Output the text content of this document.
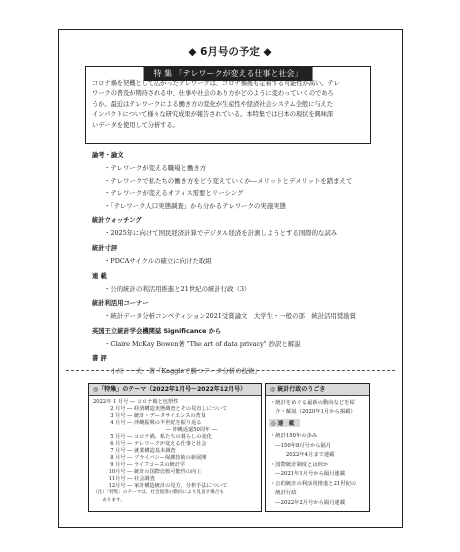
◆ 6月号の予定 ◆
特 集 「テレワークが変える仕事と社会」
コロナ禍を契機として広がったテレワークは、コロナ禍後も定着する可能性が高い。テレ
ワークの普及が期待される中、仕事や社会のあり方がどのように変わっていくのであろ
うか。最近はテレワークによる働き方の変化が生産性や経済社会システム全般に与えた
インパクトについて様々な研究成果が報告されている。本特集では日本の現状を興味深
いデータを使用して分析する。
論考・論文
・テレワークが変える職場と働き方
・テレワークで私たちの働き方をどう変えていくか―メリットとデメリットを踏まえて
・テレワークが変えるオフィス需要とリーシング
・「テレワーク人口実態調査」から分かるテレワークの実施実態
統計ウォッチング
・2025年に向けて国民経済計算でデジタル経済を計測しようとする国際的な試み
統計寸評
・PDCAサイクルの確立に向けた取組
連 載
・公的統計の利活用推進と21世紀の統計行政（3）
統計利活用コーナー
・統計データ分析コンペティション2021受賞論文　大学生・一般の部　統計活用奨励賞
英国王立統計学会機関誌 Significance から
・Claire McKay Bowen著 "The art of data privacy" 抄訳と解説
書 評
・小川　一夫　著『Kaggleで勝つデータ分析の技術』
◎「特集」のテーマ（2022年1月号～2022年12月号）
（注）「特集」のテーマは、社会経済の動向により見直す場合も
　　あります。
2022年 1 月号 ― コロナ禍と包摂性
　　　 2 月号 ― 経済構造実態調査とその見直しについて
　　　 3 月号 ― 統計・データサイエンスの普及
　　　 4 月号 ― 沖縄振興の半世紀を振り返る
　　　　　　　　　　　　　　― 沖縄返還50周年 ―
　　　 5 月号 ― コロナ禍、私たちの暮らしの変化
　　　 6 月号 ― テレワークが変える仕事と社会
　　　 7 月号 ― 就業構造基本調査
　　　 8 月号 ― プライバシー保護技術の新展開
　　　 9 月号 ― ライフコースの統計学
　　　10月号 ― 統計の国際比較可能性の向上
　　　11月号 ― 社会調査
　　　12月号 ― 家計構造統計の見方、分析手法について
◎ 統計行政のうごき
・統計をめぐる最新の動向などを紹
　介・解説（2020年1月から掲載）
◎ 連　載
・統計150年の歩み
　―150年8月号から隔月
　　　2022年4月まで連載
・国際統計制度とは何か
　―2021年1月号から隔月連載
・公的統計の利活用推進と21世紀の
　統計行政
　―2022年2月号から隔月連載
